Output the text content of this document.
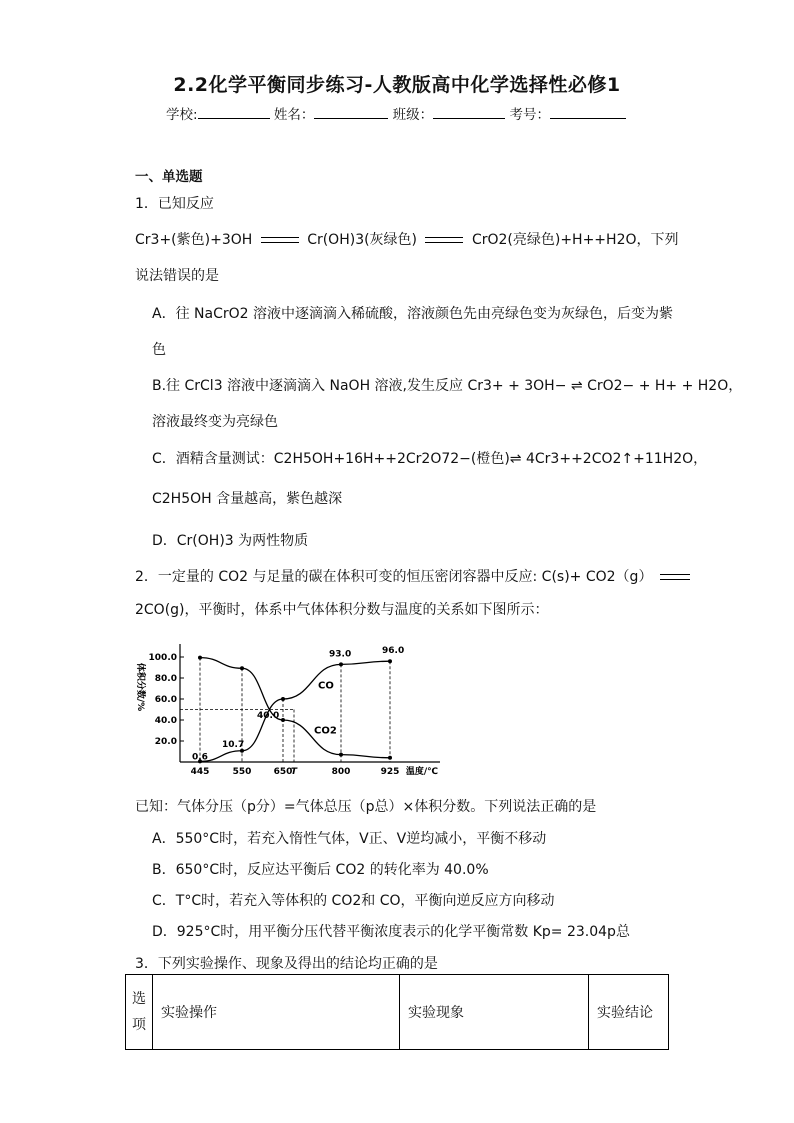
2.2化学平衡同步练习-人教版高中化学选择性必修1
学校:	姓名：	班级：	考号：
一、单选题
1．已知反应
Cr3+(紫色)+3OH	Cr(OH)3(灰绿色)	CrO2(亮绿色)+H++H2O，下列
说法错误的是
A．往 NaCrO2 溶液中逐滴滴入稀硫酸，溶液颜色先由亮绿色变为灰绿色，后变为紫
色
B.往 CrCl3 溶液中逐滴滴入 NaOH 溶液,发生反应 Cr3+ + 3OH− ⇌ CrO2− + H+ + H2O，
溶液最终变为亮绿色
C．酒精含量测试：C2H5OH+16H++2Cr2O72−(橙色)⇌ 4Cr3++2CO2↑+11H2O，
C2H5OH 含量越高，紫色越深
D．Cr(OH)3 为两性物质
2．一定量的 CO2 与足量的碳在体积可变的恒压密闭容器中反应: C(s)+ CO2（g）
2CO(g)，平衡时，体系中气体体积分数与温度的关系如下图所示：
20.0
40.0
60.0
80.0
100.0
445	550 650
T	800	925 温度/℃
体积分数/%
0.6
10.7
40.0
93.0	96.0
CO
CO2
已知：气体分压（p分）=气体总压（p总）×体积分数。下列说法正确的是
A．550°C时，若充入惰性气体，V正、V逆均减小，平衡不移动
B．650°C时，反应达平衡后 CO2 的转化率为 40.0%
C．T°C时，若充入等体积的 CO2和 CO，平衡向逆反应方向移动
D．925°C时，用平衡分压代替平衡浓度表示的化学平衡常数 Kp= 23.04p总
3．下列实验操作、现象及得出的结论均正确的是
选项	实验操作	实验现象	实验结论
